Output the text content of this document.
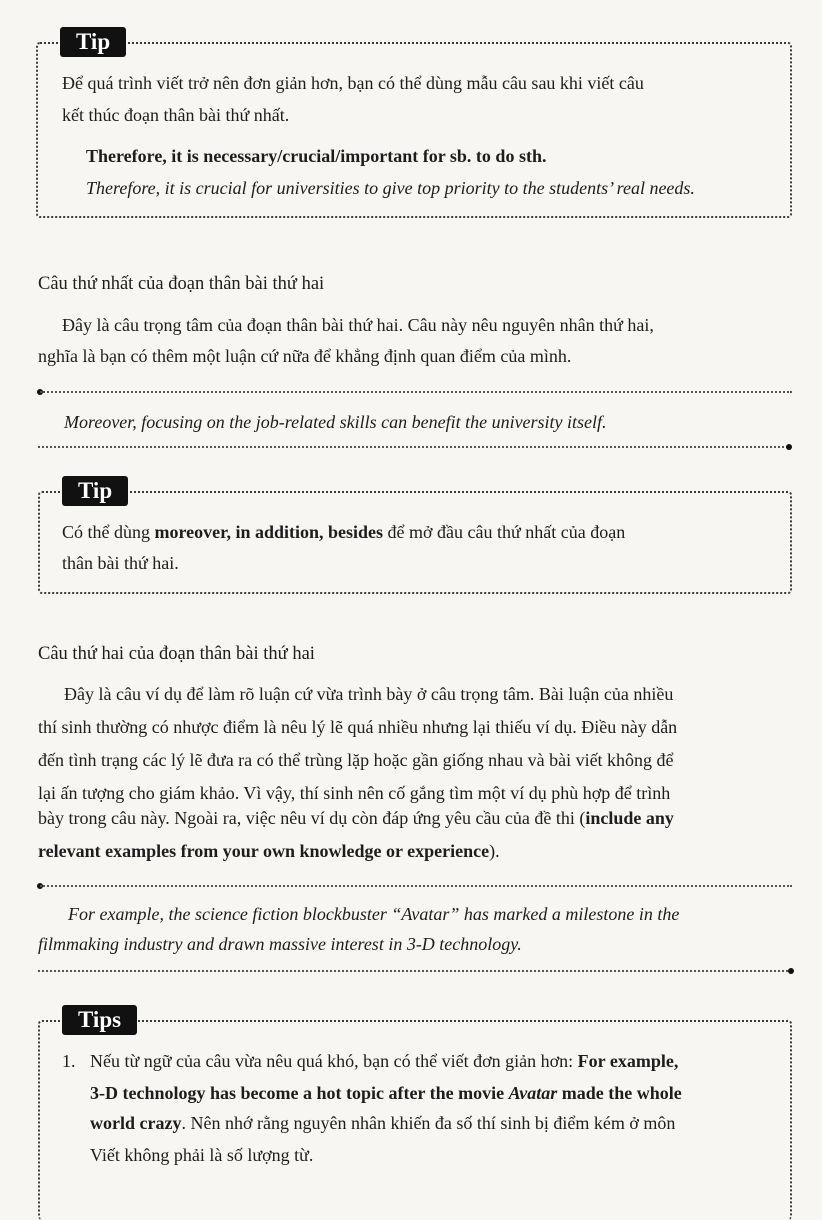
Tip
Để quá trình viết trở nên đơn giản hơn, bạn có thể dùng mẫu câu sau khi viết câu
kết thúc đoạn thân bài thứ nhất.
Therefore, it is necessary/crucial/important for sb. to do sth.
Therefore, it is crucial for universities to give top priority to the students’ real needs.
Câu thứ nhất của đoạn thân bài thứ hai
Đây là câu trọng tâm của đoạn thân bài thứ hai. Câu này nêu nguyên nhân thứ hai,
nghĩa là bạn có thêm một luận cứ nữa để khẳng định quan điểm của mình.
Moreover, focusing on the job-related skills can benefit the university itself.
Tip
Có thể dùng moreover, in addition, besides để mở đầu câu thứ nhất của đoạn
thân bài thứ hai.
Câu thứ hai của đoạn thân bài thứ hai
Đây là câu ví dụ để làm rõ luận cứ vừa trình bày ở câu trọng tâm. Bài luận của nhiều
thí sinh thường có nhược điểm là nêu lý lẽ quá nhiều nhưng lại thiếu ví dụ. Điều này dẫn
đến tình trạng các lý lẽ đưa ra có thể trùng lặp hoặc gần giống nhau và bài viết không để
lại ấn tượng cho giám khảo. Vì vậy, thí sinh nên cố gắng tìm một ví dụ phù hợp để trình
bày trong câu này. Ngoài ra, việc nêu ví dụ còn đáp ứng yêu cầu của đề thi (include any
relevant examples from your own knowledge or experience).
For example, the science fiction blockbuster “Avatar” has marked a milestone in the
filmmaking industry and drawn massive interest in 3-D technology.
Tips
1. Nếu từ ngữ của câu vừa nêu quá khó, bạn có thể viết đơn giản hơn: For example,
3-D technology has become a hot topic after the movie Avatar made the whole
world crazy. Nên nhớ rằng nguyên nhân khiến đa số thí sinh bị điểm kém ở môn
Viết không phải là số lượng từ.
